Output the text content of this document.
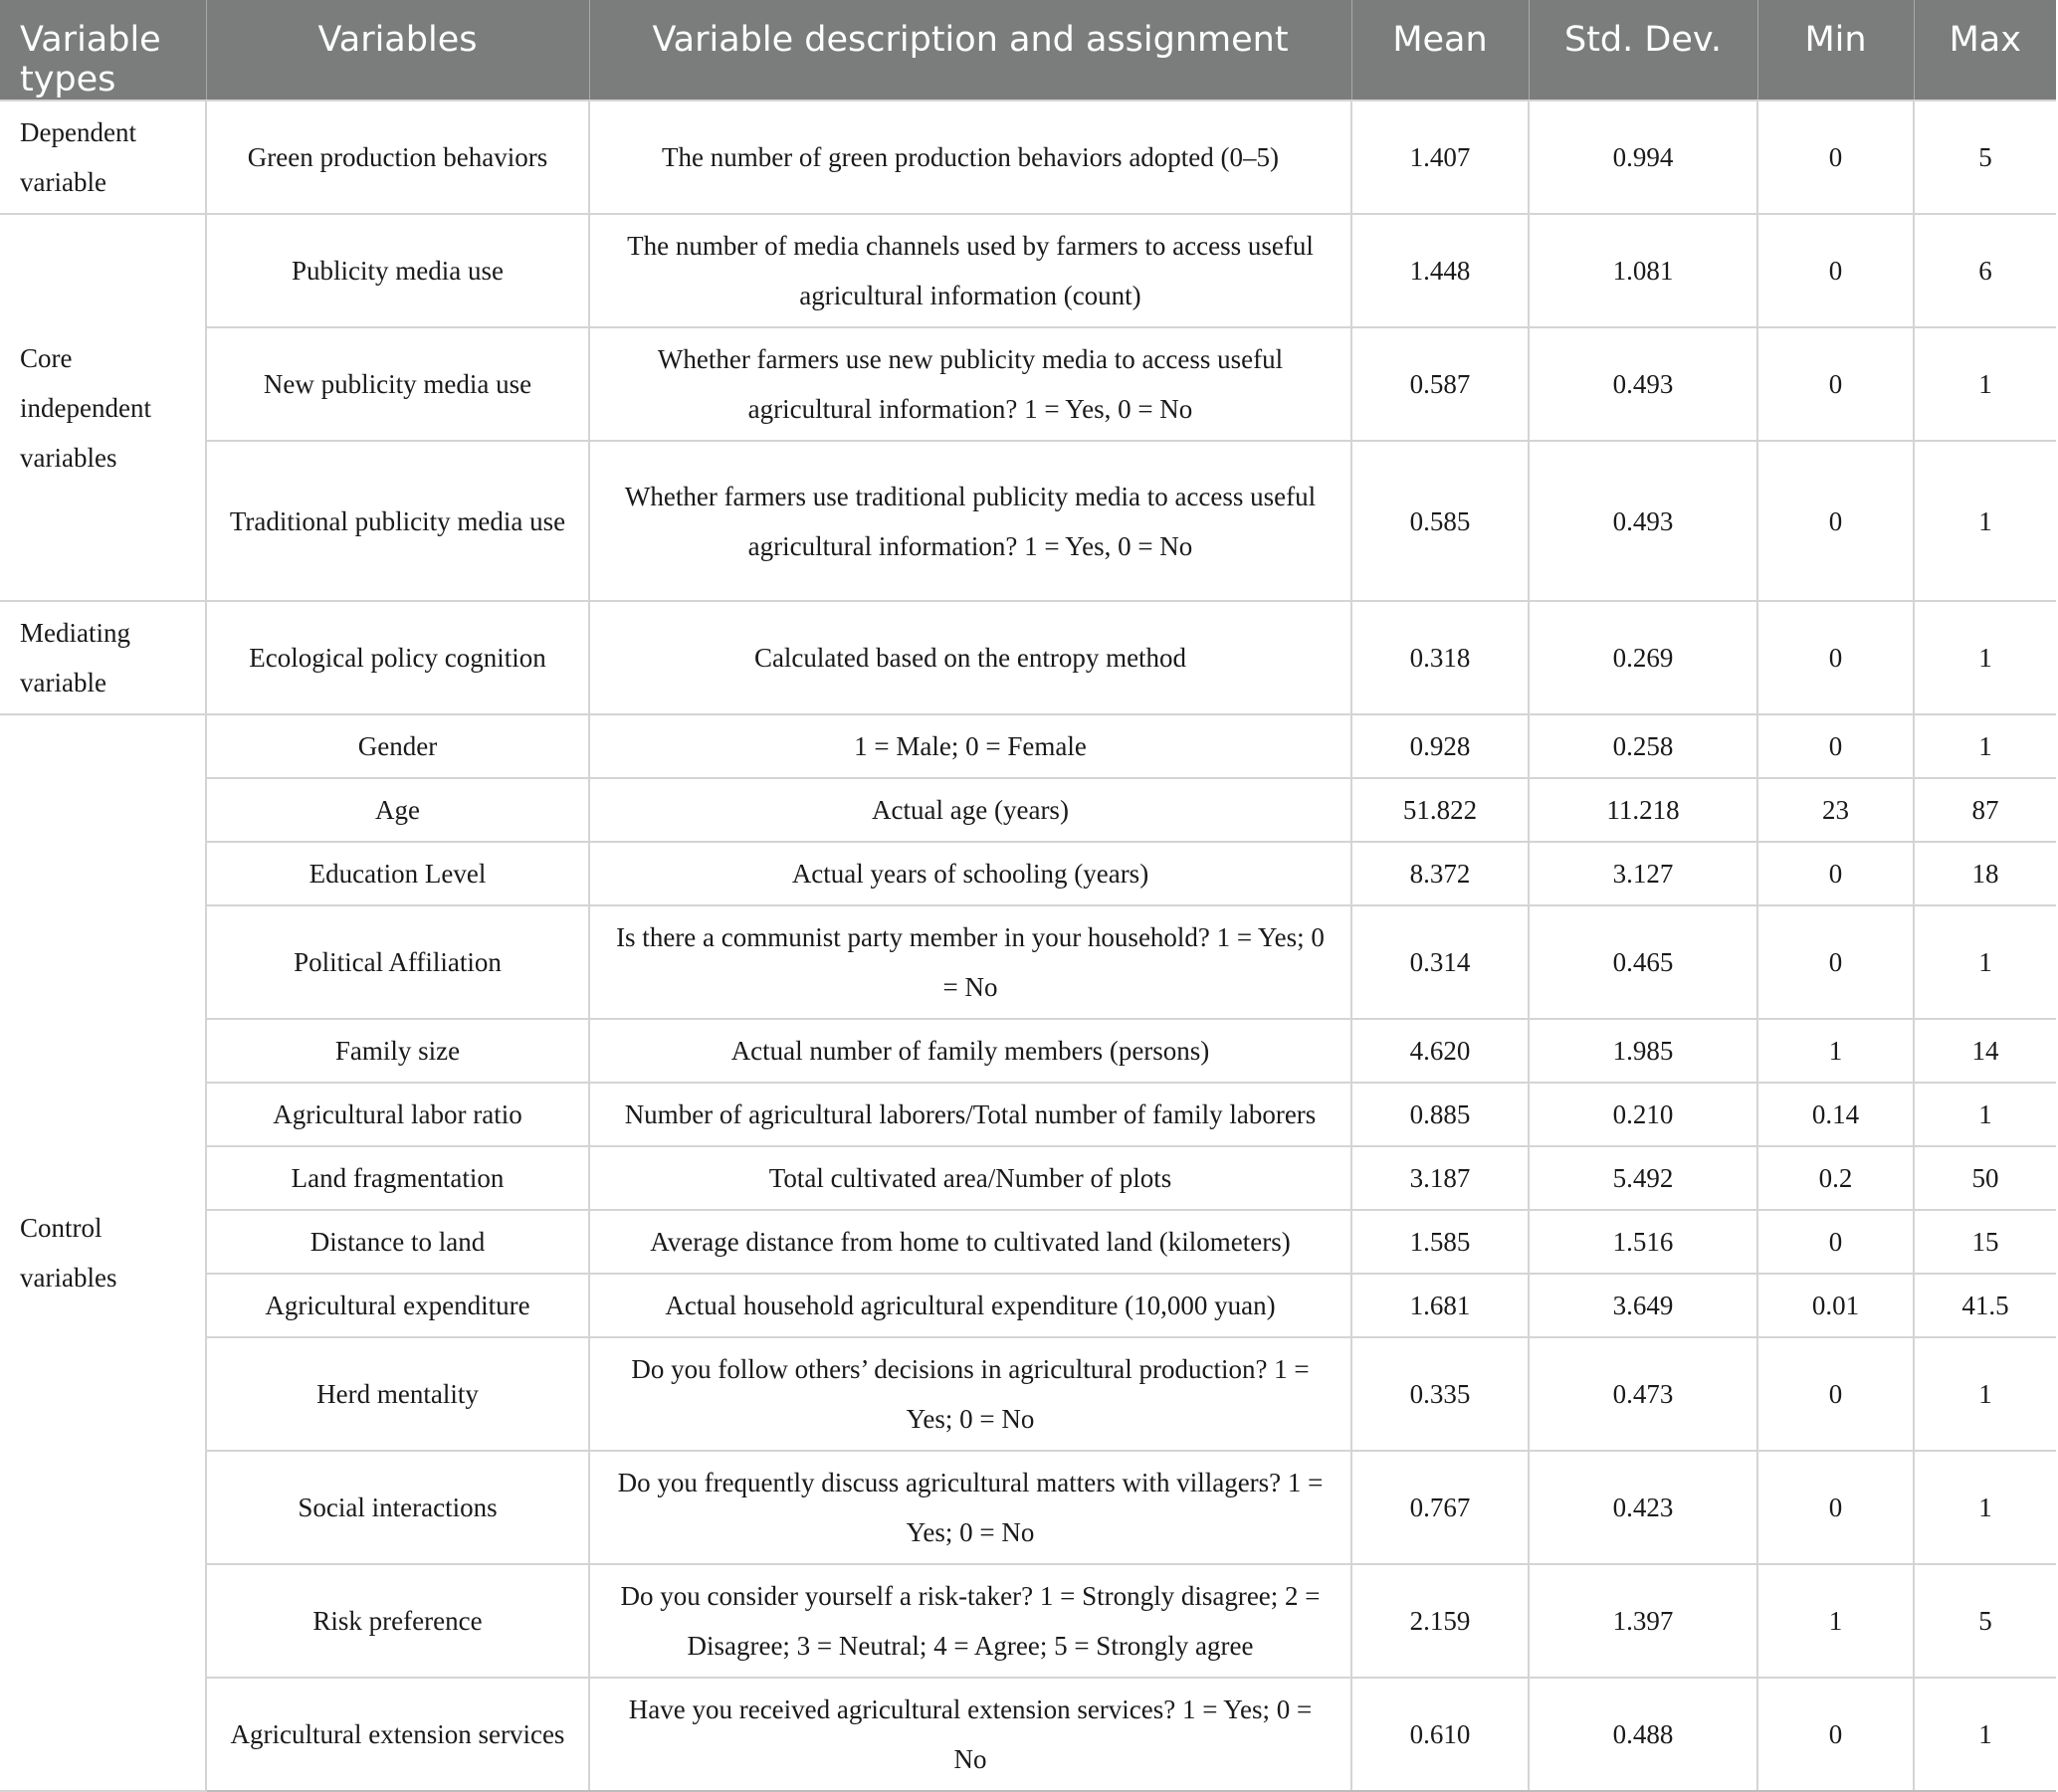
Variable types	Variables	Variable description and assignment	Mean	Std. Dev.	Min	Max
Dependent variable	Green production behaviors	The number of green production behaviors adopted (0–5)	1.407	0.994	0	5
Core independent variables	Publicity media use	The number of media channels used by farmers to access useful agricultural information (count)	1.448	1.081	0	6
	New publicity media use	Whether farmers use new publicity media to access useful agricultural information? 1 = Yes, 0 = No	0.587	0.493	0	1
	Traditional publicity media use	Whether farmers use traditional publicity media to access useful agricultural information? 1 = Yes, 0 = No	0.585	0.493	0	1
Mediating variable	Ecological policy cognition	Calculated based on the entropy method	0.318	0.269	0	1
Control variables	Gender	1 = Male; 0 = Female	0.928	0.258	0	1
	Age	Actual age (years)	51.822	11.218	23	87
	Education Level	Actual years of schooling (years)	8.372	3.127	0	18
	Political Affiliation	Is there a communist party member in your household? 1 = Yes; 0 = No	0.314	0.465	0	1
	Family size	Actual number of family members (persons)	4.620	1.985	1	14
	Agricultural labor ratio	Number of agricultural laborers/Total number of family laborers	0.885	0.210	0.14	1
	Land fragmentation	Total cultivated area/Number of plots	3.187	5.492	0.2	50
	Distance to land	Average distance from home to cultivated land (kilometers)	1.585	1.516	0	15
	Agricultural expenditure	Actual household agricultural expenditure (10,000 yuan)	1.681	3.649	0.01	41.5
	Herd mentality	Do you follow others’ decisions in agricultural production? 1 = Yes; 0 = No	0.335	0.473	0	1
	Social interactions	Do you frequently discuss agricultural matters with villagers? 1 = Yes; 0 = No	0.767	0.423	0	1
	Risk preference	Do you consider yourself a risk-taker? 1 = Strongly disagree; 2 = Disagree; 3 = Neutral; 4 = Agree; 5 = Strongly agree	2.159	1.397	1	5
	Agricultural extension services	Have you received agricultural extension services? 1 = Yes; 0 = No	0.610	0.488	0	1
